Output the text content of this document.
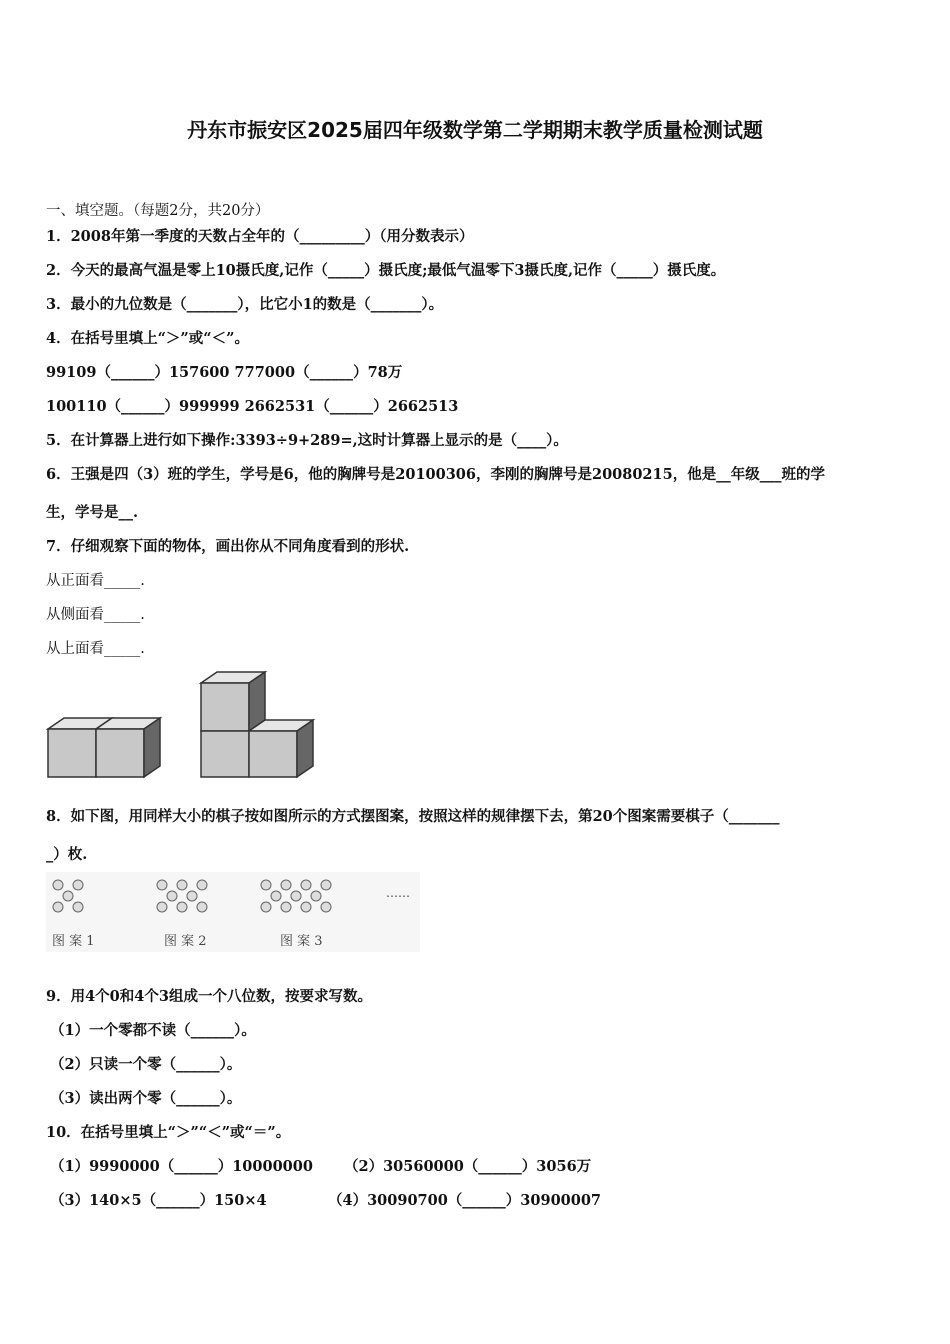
丹东市振安区2025届四年级数学第二学期期末教学质量检测试题
一、填空题。（每题2分，共20分）
1．2008年第一季度的天数占全年的（_________）（用分数表示）
2．今天的最高气温是零上10摄氏度,记作（_____）摄氏度;最低气温零下3摄氏度,记作（_____）摄氏度。
3．最小的九位数是（_______），比它小1的数是（_______）。
4．在括号里填上“＞”或“＜”。
99109（______）157600 777000（______）78万
100110（______）999999 2662531（______）2662513
5．在计算器上进行如下操作:3393÷9+289=,这时计算器上显示的是（____）。
6．王强是四（3）班的学生，学号是6，他的胸牌号是20100306，李刚的胸牌号是20080215，他是__年级___班的学
生，学号是__.
7．仔细观察下面的物体，画出你从不同角度看到的形状.
从正面看_____.
从侧面看_____.
从上面看_____.
8．如下图，用同样大小的棋子按如图所示的方式摆图案，按照这样的规律摆下去，第20个图案需要棋子（_______
_）枚.
……
图 案 1	图 案 2	图 案 3
9．用4个0和4个3组成一个八位数，按要求写数。
（1）一个零都不读（______）。
（2）只读一个零（______）。
（3）读出两个零（______）。
10．在括号里填上“＞”“＜”或“＝”。
（1）9990000（______）10000000 （2）30560000（______）3056万
（3）140×5（______）150×4	（4）30090700（______）30900007
